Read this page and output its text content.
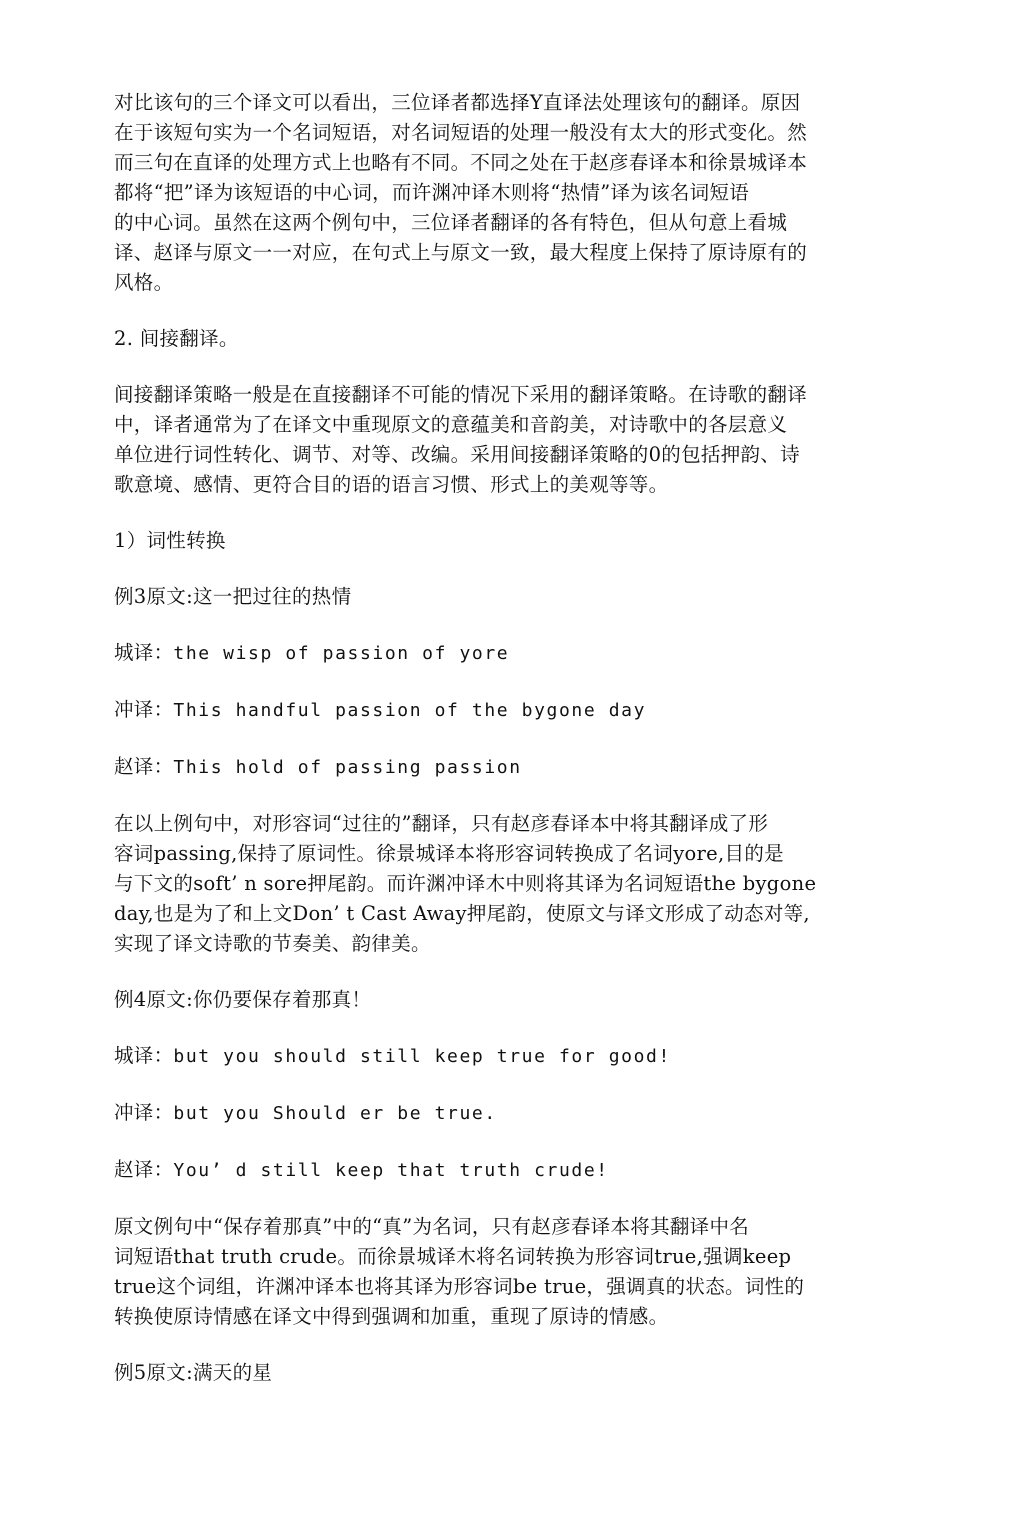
对比该句的三个译文可以看出，三位译者都选择Y直译法处理该句的翻译。原因
在于该短句实为一个名词短语，对名词短语的处理一般没有太大的形式变化。然
而三句在直译的处理方式上也略有不同。不同之处在于赵彦春译本和徐景城译本
都将“把”译为该短语的中心词，而许渊冲译木则将“热情”译为该名词短语
的中心词。虽然在这两个例句中，三位译者翻译的各有特色，但从句意上看城
译、赵译与原文一一对应，在句式上与原文一致，最大程度上保持了原诗原有的
风格。
2. 间接翻译。
间接翻译策略一般是在直接翻译不可能的情况下采用的翻译策略。在诗歌的翻译
中，译者通常为了在译文中重现原文的意蕴美和音韵美，对诗歌中的各层意义
单位进行词性转化、调节、对等、改编。采用间接翻译策略的0的包括押韵、诗
歌意境、感情、更符合目的语的语言习惯、形式上的美观等等。
1）词性转换
例3原文:这一把过往的热情
城译：the wisp of passion of yore
冲译：This handful passion of the bygone day
赵译：This hold of passing passion
在以上例句中，对形容词“过往的”翻译，只有赵彦春译本中将其翻译成了形
容词passing,保持了原词性。徐景城译本将形容词转换成了名词yore,目的是
与下文的soft’ n sore押尾韵。而许渊冲译木中则将其译为名词短语the bygone
day,也是为了和上文Don’ t Cast Away押尾韵，使原文与译文形成了动态对等,
实现了译文诗歌的节奏美、韵律美。
例4原文:你仍要保存着那真！
城译：but you should still keep true for good!
冲译：but you Should er be true.
赵译：You’ d still keep that truth crude!
原文例句中“保存着那真”中的“真”为名词，只有赵彦春译本将其翻译中名
词短语that truth crude。而徐景城译木将名词转换为形容词true,强调keep
true这个词组，许渊冲译本也将其译为形容词be true，强调真的状态。词性的
转换使原诗情感在译文中得到强调和加重，重现了原诗的情感。
例5原文:满天的星
